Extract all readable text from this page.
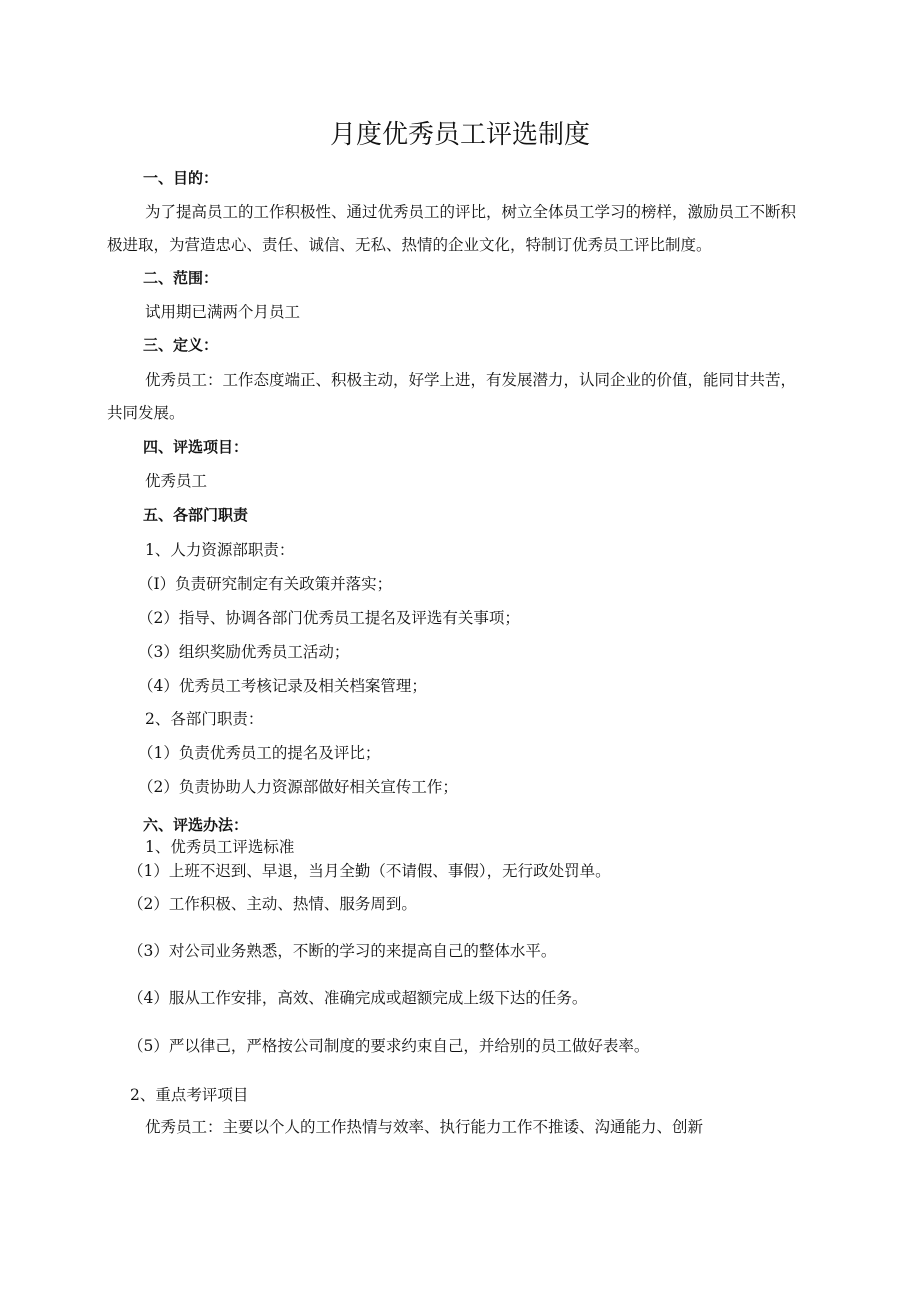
月度优秀员工评选制度

一、目的：

为了提高员工的工作积极性、通过优秀员工的评比，树立全体员工学习的榜样，激励员工不断积

极进取，为营造忠心、责任、诚信、无私、热情的企业文化，特制订优秀员工评比制度。

二、范围：

试用期已满两个月员工

三、定义：

优秀员工：工作态度端正、积极主动，好学上进，有发展潜力，认同企业的价值，能同甘共苦，

共同发展。

四、评选项目：

优秀员工

五、各部门职责

1、人力资源部职责：

（I）负责研究制定有关政策并落实；

（2）指导、协调各部门优秀员工提名及评选有关事项；

（3）组织奖励优秀员工活动；

（4）优秀员工考核记录及相关档案管理；

2、各部门职责：

（1）负责优秀员工的提名及评比；

（2）负责协助人力资源部做好相关宣传工作；

六、评选办法：

1、优秀员工评选标准

（1）上班不迟到、早退，当月全勤（不请假、事假），无行政处罚单。

（2）工作积极、主动、热情、服务周到。

（3）对公司业务熟悉，不断的学习的来提高自己的整体水平。

（4）服从工作安排，高效、准确完成或超额完成上级下达的任务。

（5）严以律己，严格按公司制度的要求约束自己，并给别的员工做好表率。

2、重点考评项目

优秀员工：主要以个人的工作热情与效率、执行能力工作不推诿、沟通能力、创新
